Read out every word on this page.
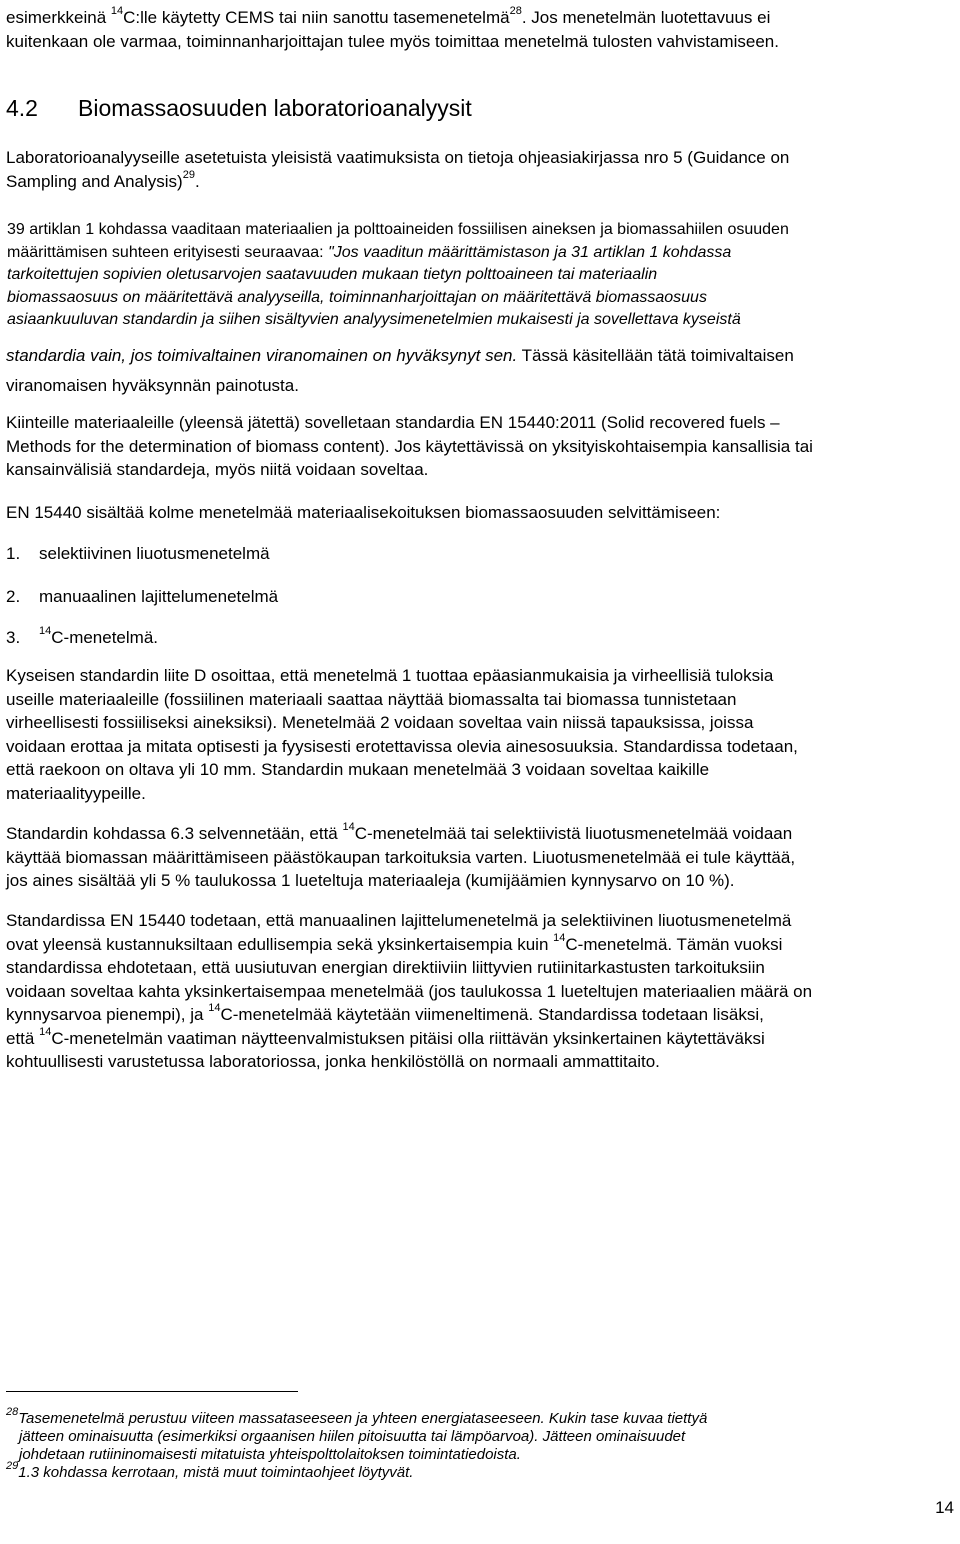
esimerkkeinä $^{14}$C:lle käytetty CEMS tai niin sanottu tasemenetelmä$^{28}$. Jos menetelmän luotettavuus ei
kuitenkaan ole varmaa, toiminnanharjoittajan tulee myös toimittaa menetelmä tulosten vahvistamiseen.
4.2 Biomassaosuuden laboratorioanalyysit
Laboratorioanalyyseille asetetuista yleisistä vaatimuksista on tietoja ohjeasiakirjassa nro 5 (Guidance on
Sampling and Analysis)$^{29}$.
39 artiklan 1 kohdassa vaaditaan materiaalien ja polttoaineiden fossiilisen aineksen ja biomassahiilen osuuden
määrittämisen suhteen erityisesti seuraavaa: "Jos vaaditun määrittämistason ja 31 artiklan 1 kohdassa
tarkoitettujen sopivien oletusarvojen saatavuuden mukaan tietyn polttoaineen tai materiaalin
biomassaosuus on määritettävä analyyseilla, toiminnanharjoittajan on määritettävä biomassaosuus
asiaankuuluvan standardin ja siihen sisältyvien analyysimenetelmien mukaisesti ja sovellettava kyseistä
standardia vain, jos toimivaltainen viranomainen on hyväksynyt sen. Tässä käsitellään tätä toimivaltaisen
viranomaisen hyväksynnän painotusta.
Kiinteille materiaaleille (yleensä jätettä) sovelletaan standardia EN 15440:2011 (Solid recovered fuels –
Methods for the determination of biomass content). Jos käytettävissä on yksityiskohtaisempia kansallisia tai
kansainvälisiä standardeja, myös niitä voidaan soveltaa.
EN 15440 sisältää kolme menetelmää materiaalisekoituksen biomassaosuuden selvittämiseen:
1. selektiivinen liuotusmenetelmä
2. manuaalinen lajittelumenetelmä
3. $^{14}$C-menetelmä.
Kyseisen standardin liite D osoittaa, että menetelmä 1 tuottaa epäasianmukaisia ja virheellisiä tuloksia
useille materiaaleille (fossiilinen materiaali saattaa näyttää biomassalta tai biomassa tunnistetaan
virheellisesti fossiiliseksi aineksiksi). Menetelmää 2 voidaan soveltaa vain niissä tapauksissa, joissa
voidaan erottaa ja mitata optisesti ja fyysisesti erotettavissa olevia ainesosuuksia. Standardissa todetaan,
että raekoon on oltava yli 10 mm. Standardin mukaan menetelmää 3 voidaan soveltaa kaikille
materiaalityypeille.
Standardin kohdassa 6.3 selvennetään, että $^{14}$C-menetelmää tai selektiivistä liuotusmenetelmää voidaan
käyttää biomassan määrittämiseen päästökaupan tarkoituksia varten. Liuotusmenetelmää ei tule käyttää,
jos aines sisältää yli 5 % taulukossa 1 lueteltuja materiaaleja (kumijäämien kynnysarvo on 10 %).
Standardissa EN 15440 todetaan, että manuaalinen lajittelumenetelmä ja selektiivinen liuotusmenetelmä
ovat yleensä kustannuksiltaan edullisempia sekä yksinkertaisempia kuin $^{14}$C-menetelmä. Tämän vuoksi
standardissa ehdotetaan, että uusiutuvan energian direktiiviin liittyvien rutiinitarkastusten tarkoituksiin
voidaan soveltaa kahta yksinkertaisempaa menetelmää (jos taulukossa 1 lueteltujen materiaalien määrä on
kynnysarvoa pienempi), ja $^{14}$C-menetelmää käytetään viimeneltimenä. Standardissa todetaan lisäksi,
että $^{14}$C-menetelmän vaatiman näytteenvalmistuksen pitäisi olla riittävän yksinkertainen käytettäväksi
kohtuullisesti varustetussa laboratoriossa, jonka henkilöstöllä on normaali ammattitaito.
$^{28}$Tasemenetelmä perustuu viiteen massataseeseen ja yhteen energiataseeseen. Kukin tase kuvaa tiettyä
jätteen ominaisuutta (esimerkiksi orgaanisen hiilen pitoisuutta tai lämpöarvoa). Jätteen ominaisuudet
johdetaan rutiininomaisesti mitatuista yhteispolttolaitoksen toimintatiedoista.
$^{29}$1.3 kohdassa kerrotaan, mistä muut toimintaohjeet löytyvät.
14
